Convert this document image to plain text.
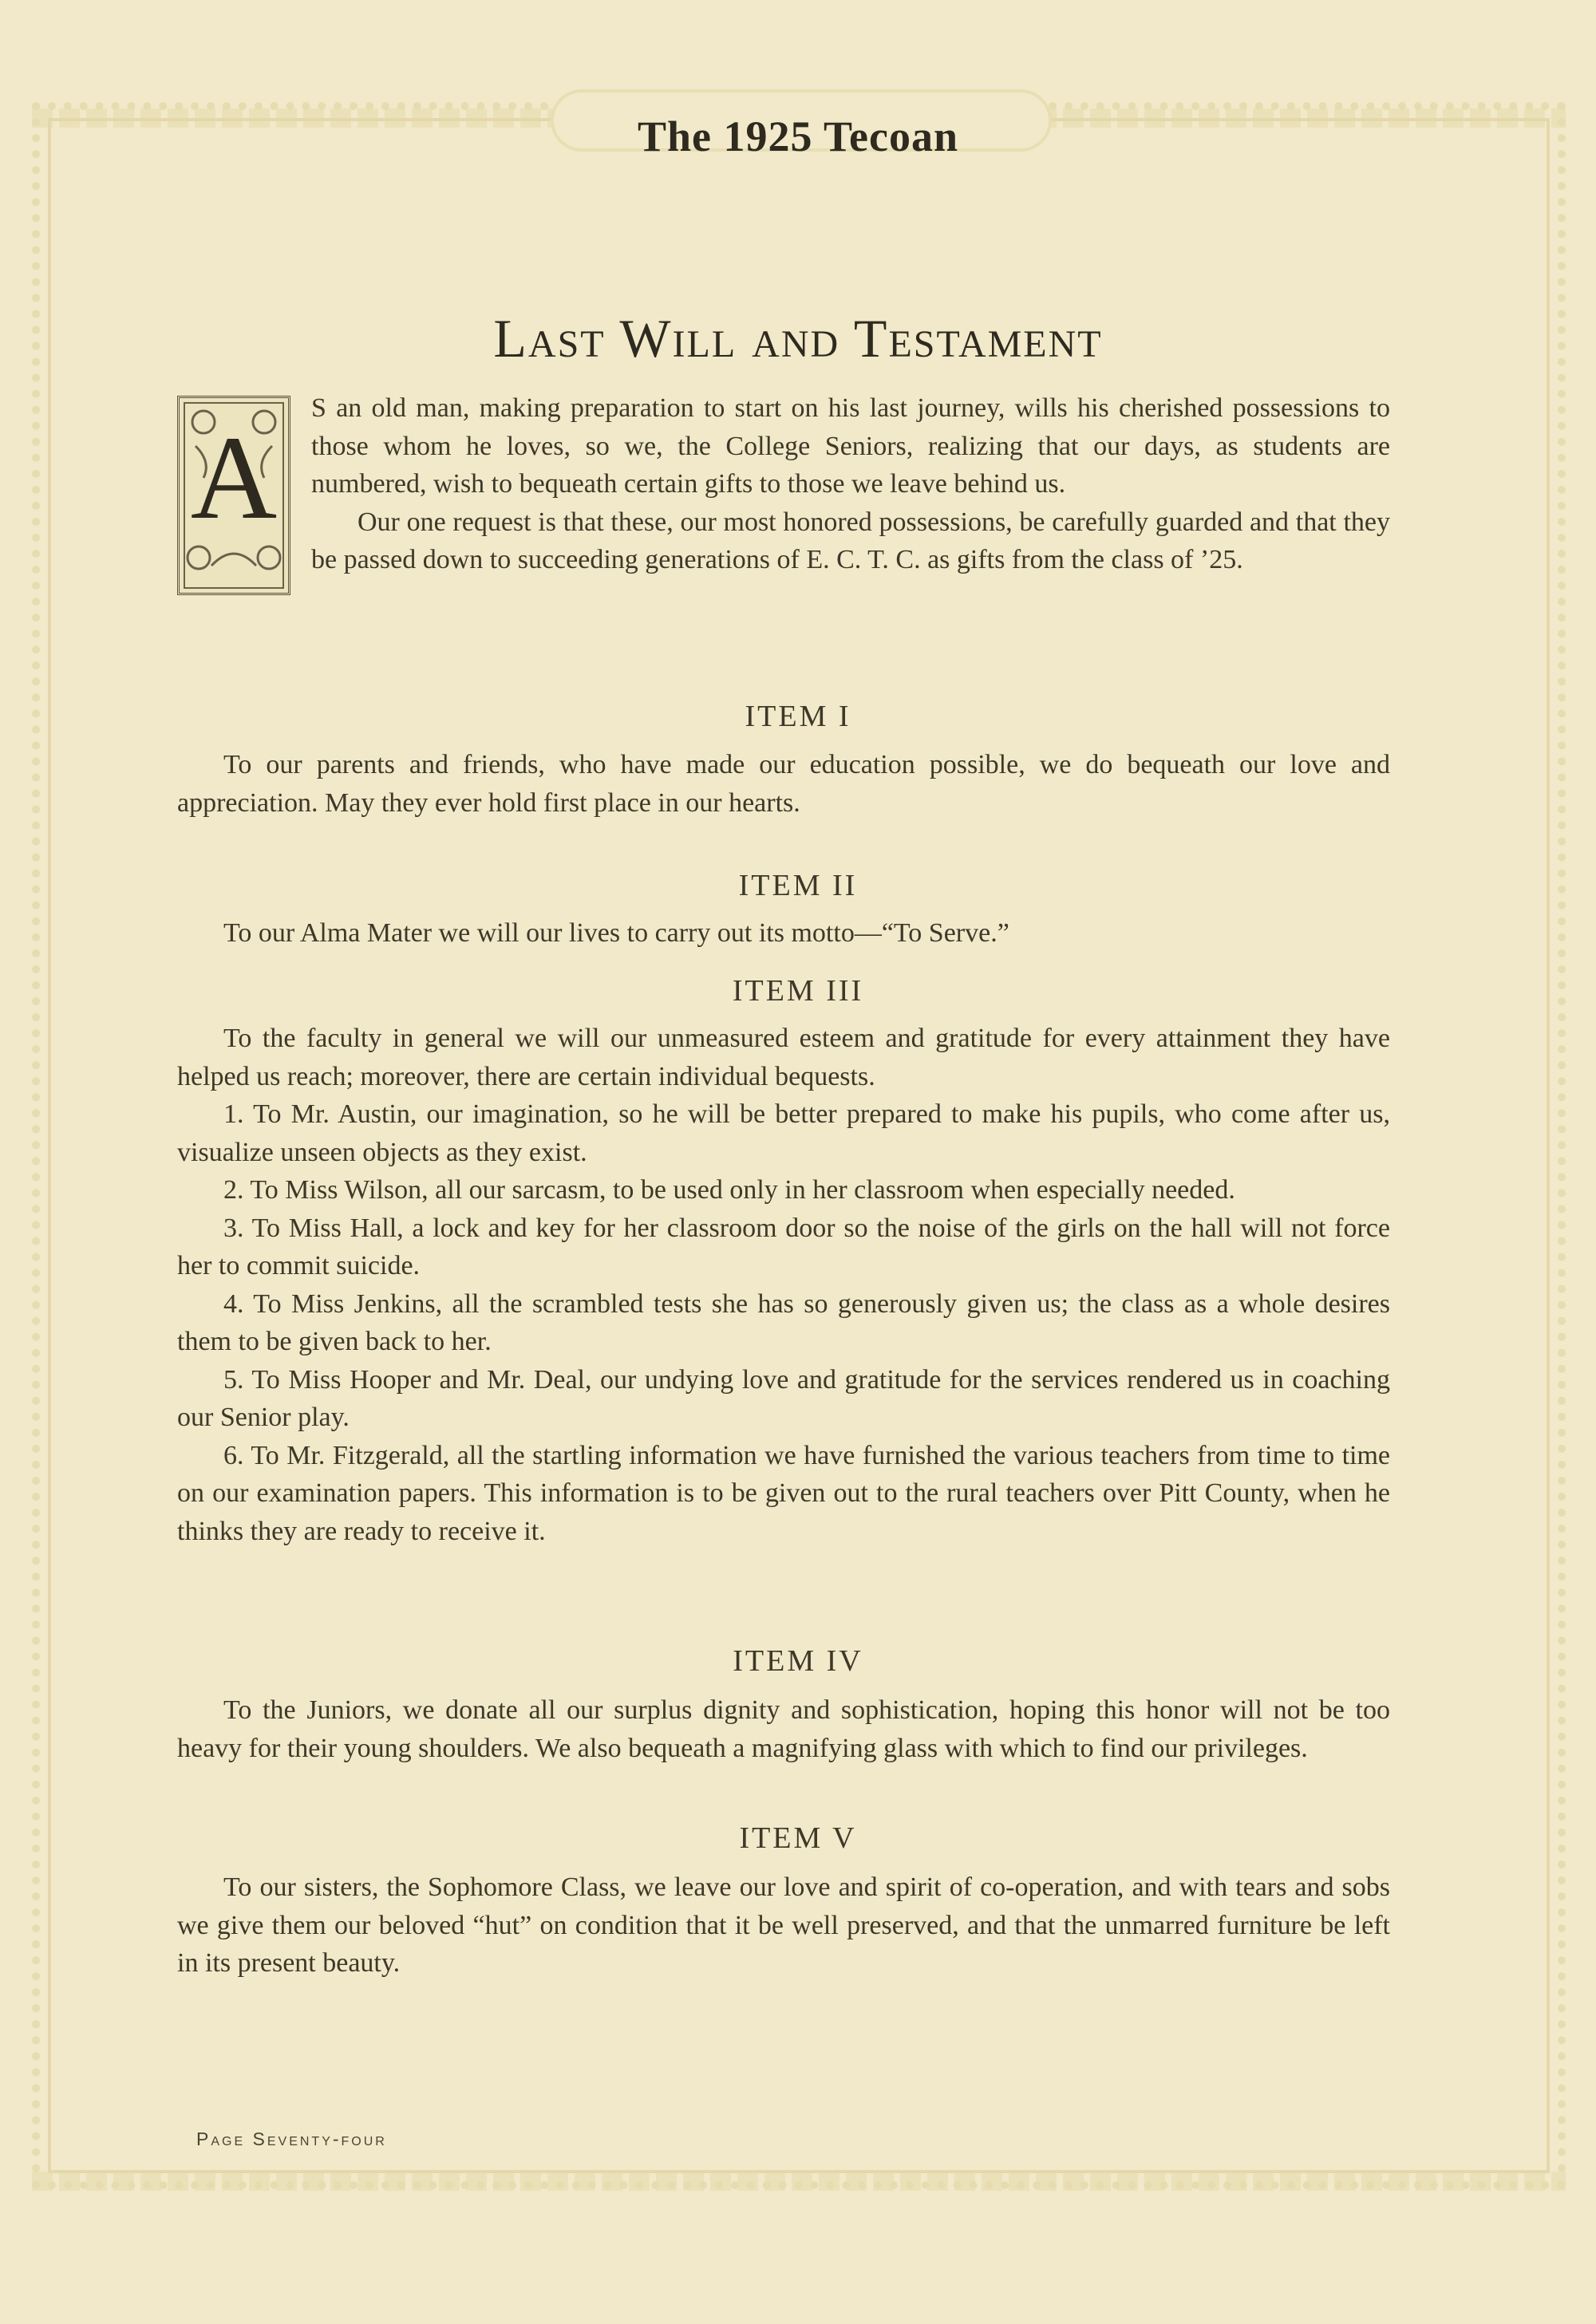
The 1925 Tecoan
Last Will and Testament
A

S an old man, making preparation to start on his last journey, wills his cherished possessions to those whom he loves, so we, the College Seniors, realizing that our days, as students are numbered, wish to bequeath certain gifts to those we leave behind us.

Our one request is that these, our most honored possessions, be carefully guarded and that they be passed down to succeeding generations of E. C. T. C. as gifts from the class of ’25.

ITEM I

To our parents and friends, who have made our education possible, we do bequeath our love and appreciation. May they ever hold first place in our hearts.

ITEM II

To our Alma Mater we will our lives to carry out its motto—“To Serve.”

ITEM III

To the faculty in general we will our unmeasured esteem and gratitude for every attainment they have helped us reach; moreover, there are certain individual bequests.

1. To Mr. Austin, our imagination, so he will be better prepared to make his pupils, who come after us, visualize unseen objects as they exist.

2. To Miss Wilson, all our sarcasm, to be used only in her classroom when especially needed.

3. To Miss Hall, a lock and key for her classroom door so the noise of the girls on the hall will not force her to commit suicide.

4. To Miss Jenkins, all the scrambled tests she has so generously given us; the class as a whole desires them to be given back to her.

5. To Miss Hooper and Mr. Deal, our undying love and gratitude for the services rendered us in coaching our Senior play.

6. To Mr. Fitzgerald, all the startling information we have furnished the various teachers from time to time on our examination papers. This information is to be given out to the rural teachers over Pitt County, when he thinks they are ready to receive it.

ITEM IV

To the Juniors, we donate all our surplus dignity and sophistication, hoping this honor will not be too heavy for their young shoulders. We also bequeath a magnifying glass with which to find our privileges.

ITEM V

To our sisters, the Sophomore Class, we leave our love and spirit of co-operation, and with tears and sobs we give them our beloved “hut” on condition that it be well preserved, and that the unmarred furniture be left in its present beauty.

Page Seventy-four
